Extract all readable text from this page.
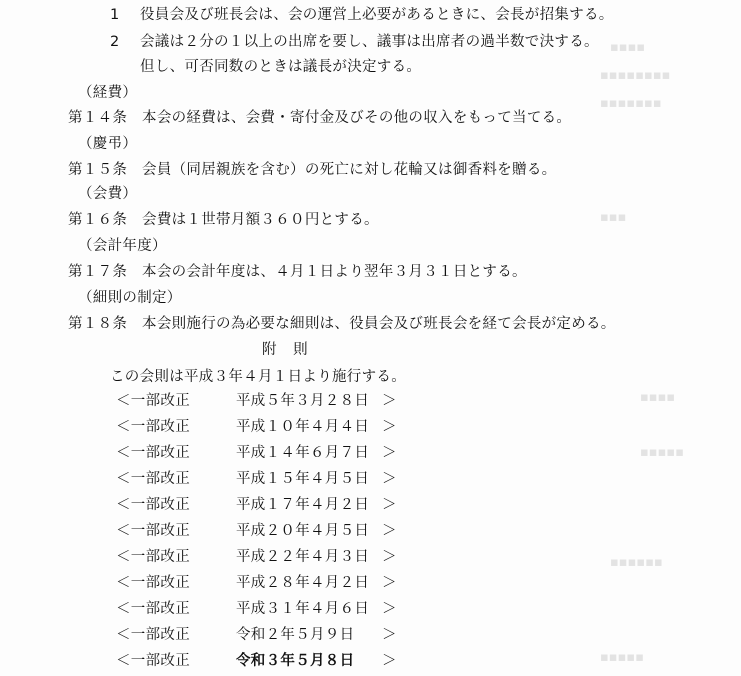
▪▪▪▪
▪▪▪▪▪▪▪▪
▪▪▪▪▪▪▪
▪▪▪
▪▪▪▪
▪▪▪▪▪
▪▪▪▪▪▪
▪▪▪▪▪
1 役員会及び班長会は、会の運営上必要があるときに、会長が招集する。
2 会議は２分の１以上の出席を要し、議事は出席者の過半数で決する。
但し、可否同数のときは議長が決定する。
（経費）
第１４条　 本会の経費は、会費・寄付金及びその他の収入をもって当てる。
（慶弔）
第１５条　 会員（同居親族を含む）の死亡に対し花輪又は御香料を贈る。
（会費）
第１６条　 会費は１世帯月額３６０円とする。
（会計年度）
第１７条　 本会の会計年度は、４月１日より翌年３月３１日とする。
（細則の制定）
第１８条　 本会則施行の為必要な細則は、役員会及び班長会を経て会長が定める。
附 則
この会則は平成３年４月１日より施行する。
＜一部改正	平成５年３月２８日 ＞
＜一部改正	平成１０年４月４日 ＞
＜一部改正	平成１４年６月７日 ＞
＜一部改正	平成１５年４月５日 ＞
＜一部改正	平成１７年４月２日 ＞
＜一部改正	平成２０年４月５日 ＞
＜一部改正	平成２２年４月３日 ＞
＜一部改正	平成２８年４月２日 ＞
＜一部改正	平成３１年４月６日 ＞
＜一部改正	令和２年５月９日 ＞
＜一部改正	令和３年５月８日 ＞
